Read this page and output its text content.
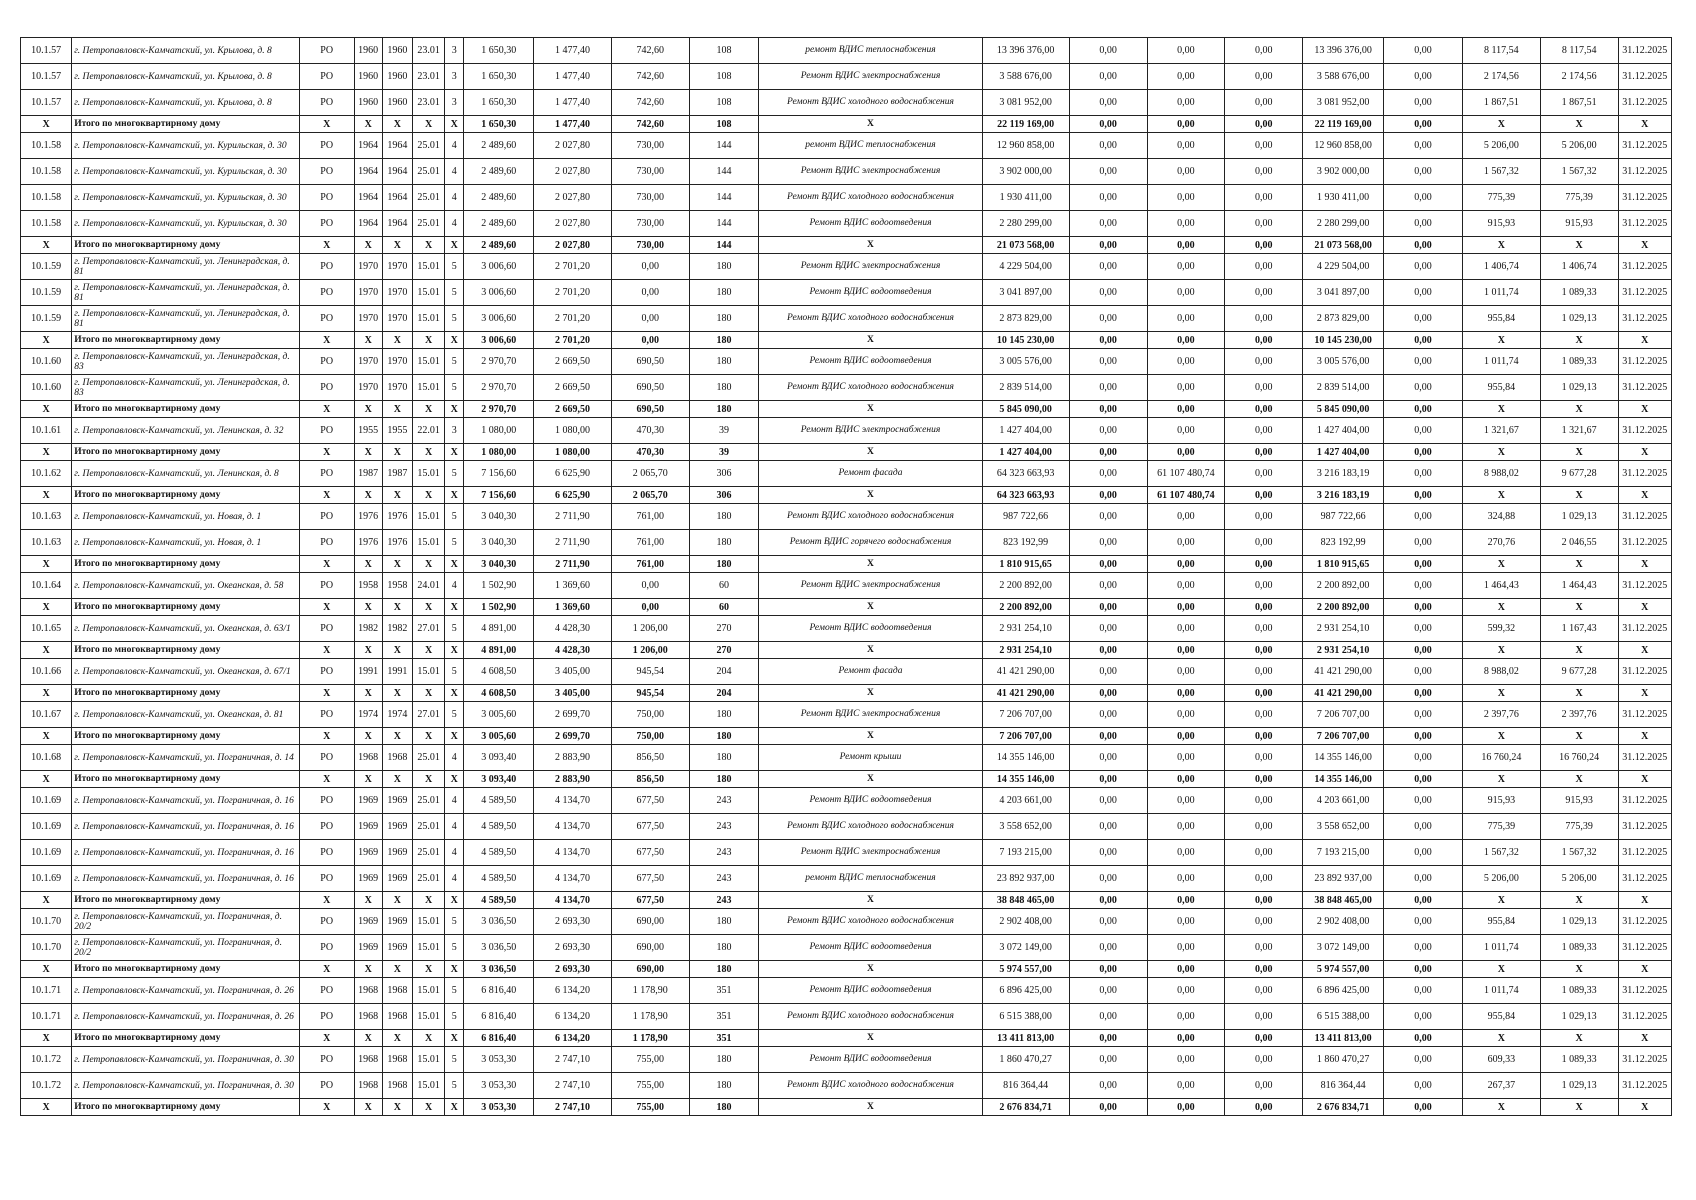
10.1.57	г. Петропавловск-Камчатский, ул. Крылова, д. 8	РО	1960	1960	23.01	3	1 650,30	1 477,40	742,60	108	ремонт ВДИС теплоснабжения	13 396 376,00	0,00	0,00	0,00	13 396 376,00	0,00	8 117,54	8 117,54	31.12.2025
10.1.57	г. Петропавловск-Камчатский, ул. Крылова, д. 8	РО	1960	1960	23.01	3	1 650,30	1 477,40	742,60	108	Ремонт ВДИС электроснабжения	3 588 676,00	0,00	0,00	0,00	3 588 676,00	0,00	2 174,56	2 174,56	31.12.2025
10.1.57	г. Петропавловск-Камчатский, ул. Крылова, д. 8	РО	1960	1960	23.01	3	1 650,30	1 477,40	742,60	108	Ремонт ВДИС холодного водоснабжения	3 081 952,00	0,00	0,00	0,00	3 081 952,00	0,00	1 867,51	1 867,51	31.12.2025
X	Итого по многоквартирному дому	X	X	X	X	X	1 650,30	1 477,40	742,60	108	X	22 119 169,00	0,00	0,00	0,00	22 119 169,00	0,00	X	X	X
10.1.58	г. Петропавловск-Камчатский, ул. Курильская, д. 30	РО	1964	1964	25.01	4	2 489,60	2 027,80	730,00	144	ремонт ВДИС теплоснабжения	12 960 858,00	0,00	0,00	0,00	12 960 858,00	0,00	5 206,00	5 206,00	31.12.2025
10.1.58	г. Петропавловск-Камчатский, ул. Курильская, д. 30	РО	1964	1964	25.01	4	2 489,60	2 027,80	730,00	144	Ремонт ВДИС электроснабжения	3 902 000,00	0,00	0,00	0,00	3 902 000,00	0,00	1 567,32	1 567,32	31.12.2025
10.1.58	г. Петропавловск-Камчатский, ул. Курильская, д. 30	РО	1964	1964	25.01	4	2 489,60	2 027,80	730,00	144	Ремонт ВДИС холодного водоснабжения	1 930 411,00	0,00	0,00	0,00	1 930 411,00	0,00	775,39	775,39	31.12.2025
10.1.58	г. Петропавловск-Камчатский, ул. Курильская, д. 30	РО	1964	1964	25.01	4	2 489,60	2 027,80	730,00	144	Ремонт ВДИС водоотведения	2 280 299,00	0,00	0,00	0,00	2 280 299,00	0,00	915,93	915,93	31.12.2025
X	Итого по многоквартирному дому	X	X	X	X	X	2 489,60	2 027,80	730,00	144	X	21 073 568,00	0,00	0,00	0,00	21 073 568,00	0,00	X	X	X
10.1.59	г. Петропавловск-Камчатский, ул. Ленинградская, д. 81	РО	1970	1970	15.01	5	3 006,60	2 701,20	0,00	180	Ремонт ВДИС электроснабжения	4 229 504,00	0,00	0,00	0,00	4 229 504,00	0,00	1 406,74	1 406,74	31.12.2025
10.1.59	г. Петропавловск-Камчатский, ул. Ленинградская, д. 81	РО	1970	1970	15.01	5	3 006,60	2 701,20	0,00	180	Ремонт ВДИС водоотведения	3 041 897,00	0,00	0,00	0,00	3 041 897,00	0,00	1 011,74	1 089,33	31.12.2025
10.1.59	г. Петропавловск-Камчатский, ул. Ленинградская, д. 81	РО	1970	1970	15.01	5	3 006,60	2 701,20	0,00	180	Ремонт ВДИС холодного водоснабжения	2 873 829,00	0,00	0,00	0,00	2 873 829,00	0,00	955,84	1 029,13	31.12.2025
X	Итого по многоквартирному дому	X	X	X	X	X	3 006,60	2 701,20	0,00	180	X	10 145 230,00	0,00	0,00	0,00	10 145 230,00	0,00	X	X	X
10.1.60	г. Петропавловск-Камчатский, ул. Ленинградская, д. 83	РО	1970	1970	15.01	5	2 970,70	2 669,50	690,50	180	Ремонт ВДИС водоотведения	3 005 576,00	0,00	0,00	0,00	3 005 576,00	0,00	1 011,74	1 089,33	31.12.2025
10.1.60	г. Петропавловск-Камчатский, ул. Ленинградская, д. 83	РО	1970	1970	15.01	5	2 970,70	2 669,50	690,50	180	Ремонт ВДИС холодного водоснабжения	2 839 514,00	0,00	0,00	0,00	2 839 514,00	0,00	955,84	1 029,13	31.12.2025
X	Итого по многоквартирному дому	X	X	X	X	X	2 970,70	2 669,50	690,50	180	X	5 845 090,00	0,00	0,00	0,00	5 845 090,00	0,00	X	X	X
10.1.61	г. Петропавловск-Камчатский, ул. Ленинская, д. 32	РО	1955	1955	22.01	3	1 080,00	1 080,00	470,30	39	Ремонт ВДИС электроснабжения	1 427 404,00	0,00	0,00	0,00	1 427 404,00	0,00	1 321,67	1 321,67	31.12.2025
X	Итого по многоквартирному дому	X	X	X	X	X	1 080,00	1 080,00	470,30	39	X	1 427 404,00	0,00	0,00	0,00	1 427 404,00	0,00	X	X	X
10.1.62	г. Петропавловск-Камчатский, ул. Ленинская, д. 8	РО	1987	1987	15.01	5	7 156,60	6 625,90	2 065,70	306	Ремонт фасада	64 323 663,93	0,00	61 107 480,74	0,00	3 216 183,19	0,00	8 988,02	9 677,28	31.12.2025
X	Итого по многоквартирному дому	X	X	X	X	X	7 156,60	6 625,90	2 065,70	306	X	64 323 663,93	0,00	61 107 480,74	0,00	3 216 183,19	0,00	X	X	X
10.1.63	г. Петропавловск-Камчатский, ул. Новая, д. 1	РО	1976	1976	15.01	5	3 040,30	2 711,90	761,00	180	Ремонт ВДИС холодного водоснабжения	987 722,66	0,00	0,00	0,00	987 722,66	0,00	324,88	1 029,13	31.12.2025
10.1.63	г. Петропавловск-Камчатский, ул. Новая, д. 1	РО	1976	1976	15.01	5	3 040,30	2 711,90	761,00	180	Ремонт ВДИС горячего водоснабжения	823 192,99	0,00	0,00	0,00	823 192,99	0,00	270,76	2 046,55	31.12.2025
X	Итого по многоквартирному дому	X	X	X	X	X	3 040,30	2 711,90	761,00	180	X	1 810 915,65	0,00	0,00	0,00	1 810 915,65	0,00	X	X	X
10.1.64	г. Петропавловск-Камчатский, ул. Океанская, д. 58	РО	1958	1958	24.01	4	1 502,90	1 369,60	0,00	60	Ремонт ВДИС электроснабжения	2 200 892,00	0,00	0,00	0,00	2 200 892,00	0,00	1 464,43	1 464,43	31.12.2025
X	Итого по многоквартирному дому	X	X	X	X	X	1 502,90	1 369,60	0,00	60	X	2 200 892,00	0,00	0,00	0,00	2 200 892,00	0,00	X	X	X
10.1.65	г. Петропавловск-Камчатский, ул. Океанская, д. 63/1	РО	1982	1982	27.01	5	4 891,00	4 428,30	1 206,00	270	Ремонт ВДИС водоотведения	2 931 254,10	0,00	0,00	0,00	2 931 254,10	0,00	599,32	1 167,43	31.12.2025
X	Итого по многоквартирному дому	X	X	X	X	X	4 891,00	4 428,30	1 206,00	270	X	2 931 254,10	0,00	0,00	0,00	2 931 254,10	0,00	X	X	X
10.1.66	г. Петропавловск-Камчатский, ул. Океанская, д. 67/1	РО	1991	1991	15.01	5	4 608,50	3 405,00	945,54	204	Ремонт фасада	41 421 290,00	0,00	0,00	0,00	41 421 290,00	0,00	8 988,02	9 677,28	31.12.2025
X	Итого по многоквартирному дому	X	X	X	X	X	4 608,50	3 405,00	945,54	204	X	41 421 290,00	0,00	0,00	0,00	41 421 290,00	0,00	X	X	X
10.1.67	г. Петропавловск-Камчатский, ул. Океанская, д. 81	РО	1974	1974	27.01	5	3 005,60	2 699,70	750,00	180	Ремонт ВДИС электроснабжения	7 206 707,00	0,00	0,00	0,00	7 206 707,00	0,00	2 397,76	2 397,76	31.12.2025
X	Итого по многоквартирному дому	X	X	X	X	X	3 005,60	2 699,70	750,00	180	X	7 206 707,00	0,00	0,00	0,00	7 206 707,00	0,00	X	X	X
10.1.68	г. Петропавловск-Камчатский, ул. Пограничная, д. 14	РО	1968	1968	25.01	4	3 093,40	2 883,90	856,50	180	Ремонт крыши	14 355 146,00	0,00	0,00	0,00	14 355 146,00	0,00	16 760,24	16 760,24	31.12.2025
X	Итого по многоквартирному дому	X	X	X	X	X	3 093,40	2 883,90	856,50	180	X	14 355 146,00	0,00	0,00	0,00	14 355 146,00	0,00	X	X	X
10.1.69	г. Петропавловск-Камчатский, ул. Пограничная, д. 16	РО	1969	1969	25.01	4	4 589,50	4 134,70	677,50	243	Ремонт ВДИС водоотведения	4 203 661,00	0,00	0,00	0,00	4 203 661,00	0,00	915,93	915,93	31.12.2025
10.1.69	г. Петропавловск-Камчатский, ул. Пограничная, д. 16	РО	1969	1969	25.01	4	4 589,50	4 134,70	677,50	243	Ремонт ВДИС холодного водоснабжения	3 558 652,00	0,00	0,00	0,00	3 558 652,00	0,00	775,39	775,39	31.12.2025
10.1.69	г. Петропавловск-Камчатский, ул. Пограничная, д. 16	РО	1969	1969	25.01	4	4 589,50	4 134,70	677,50	243	Ремонт ВДИС электроснабжения	7 193 215,00	0,00	0,00	0,00	7 193 215,00	0,00	1 567,32	1 567,32	31.12.2025
10.1.69	г. Петропавловск-Камчатский, ул. Пограничная, д. 16	РО	1969	1969	25.01	4	4 589,50	4 134,70	677,50	243	ремонт ВДИС теплоснабжения	23 892 937,00	0,00	0,00	0,00	23 892 937,00	0,00	5 206,00	5 206,00	31.12.2025
X	Итого по многоквартирному дому	X	X	X	X	X	4 589,50	4 134,70	677,50	243	X	38 848 465,00	0,00	0,00	0,00	38 848 465,00	0,00	X	X	X
10.1.70	г. Петропавловск-Камчатский, ул. Пограничная, д. 20/2	РО	1969	1969	15.01	5	3 036,50	2 693,30	690,00	180	Ремонт ВДИС холодного водоснабжения	2 902 408,00	0,00	0,00	0,00	2 902 408,00	0,00	955,84	1 029,13	31.12.2025
10.1.70	г. Петропавловск-Камчатский, ул. Пограничная, д. 20/2	РО	1969	1969	15.01	5	3 036,50	2 693,30	690,00	180	Ремонт ВДИС водоотведения	3 072 149,00	0,00	0,00	0,00	3 072 149,00	0,00	1 011,74	1 089,33	31.12.2025
X	Итого по многоквартирному дому	X	X	X	X	X	3 036,50	2 693,30	690,00	180	X	5 974 557,00	0,00	0,00	0,00	5 974 557,00	0,00	X	X	X
10.1.71	г. Петропавловск-Камчатский, ул. Пограничная, д. 26	РО	1968	1968	15.01	5	6 816,40	6 134,20	1 178,90	351	Ремонт ВДИС водоотведения	6 896 425,00	0,00	0,00	0,00	6 896 425,00	0,00	1 011,74	1 089,33	31.12.2025
10.1.71	г. Петропавловск-Камчатский, ул. Пограничная, д. 26	РО	1968	1968	15.01	5	6 816,40	6 134,20	1 178,90	351	Ремонт ВДИС холодного водоснабжения	6 515 388,00	0,00	0,00	0,00	6 515 388,00	0,00	955,84	1 029,13	31.12.2025
X	Итого по многоквартирному дому	X	X	X	X	X	6 816,40	6 134,20	1 178,90	351	X	13 411 813,00	0,00	0,00	0,00	13 411 813,00	0,00	X	X	X
10.1.72	г. Петропавловск-Камчатский, ул. Пограничная, д. 30	РО	1968	1968	15.01	5	3 053,30	2 747,10	755,00	180	Ремонт ВДИС водоотведения	1 860 470,27	0,00	0,00	0,00	1 860 470,27	0,00	609,33	1 089,33	31.12.2025
10.1.72	г. Петропавловск-Камчатский, ул. Пограничная, д. 30	РО	1968	1968	15.01	5	3 053,30	2 747,10	755,00	180	Ремонт ВДИС холодного водоснабжения	816 364,44	0,00	0,00	0,00	816 364,44	0,00	267,37	1 029,13	31.12.2025
X	Итого по многоквартирному дому	X	X	X	X	X	3 053,30	2 747,10	755,00	180	X	2 676 834,71	0,00	0,00	0,00	2 676 834,71	0,00	X	X	X
